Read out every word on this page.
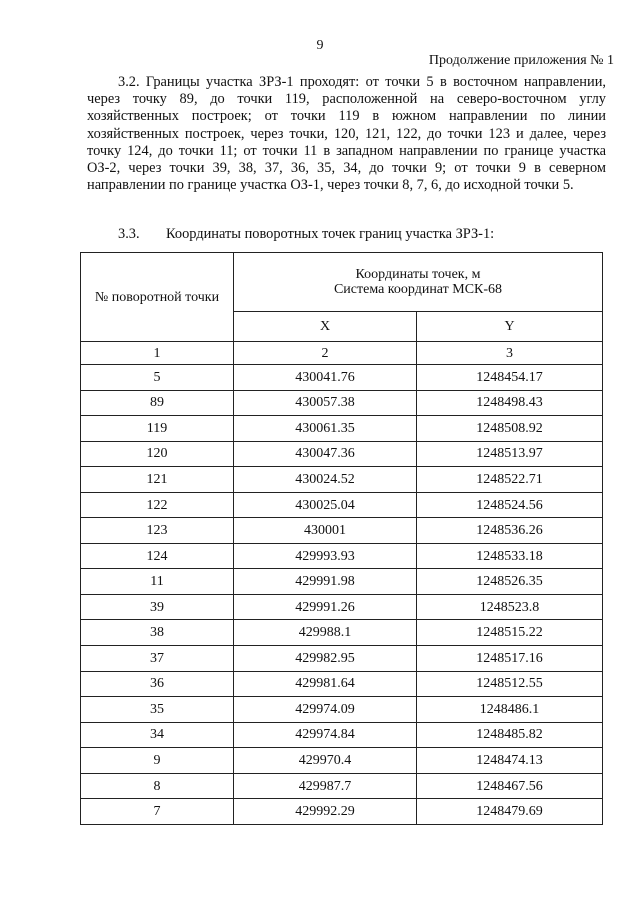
9
Продолжение приложения № 1

3.2. Границы участка ЗРЗ-1 проходят: от точки 5 в восточном направлении, через точку 89, до точки 119, расположенной на северо-восточном углу хозяйственных построек; от точки 119 в южном направлении по линии хозяйственных построек, через точки, 120, 121, 122, до точки 123 и далее, через точку 124, до точки 11; от точки 11 в западном направлении по границе участка ОЗ-2, через точки 39, 38, 37, 36, 35, 34, до точки 9; от точки 9 в северном направлении по границе участка ОЗ-1, через точки 8, 7, 6, до исходной точки 5.

3.3. Координаты поворотных точек границ участка ЗРЗ-1:
№ поворотной точки	Координаты точек, м
Система координат МСК-68	

	X	Y
1	2	3
5	430041.76	1248454.17
89	430057.38	1248498.43
119	430061.35	1248508.92
120	430047.36	1248513.97
121	430024.52	1248522.71
122	430025.04	1248524.56
123	430001	1248536.26
124	429993.93	1248533.18
11	429991.98	1248526.35
39	429991.26	1248523.8
38	429988.1	1248515.22
37	429982.95	1248517.16
36	429981.64	1248512.55
35	429974.09	1248486.1
34	429974.84	1248485.82
9	429970.4	1248474.13
8	429987.7	1248467.56
7	429992.29	1248479.69
